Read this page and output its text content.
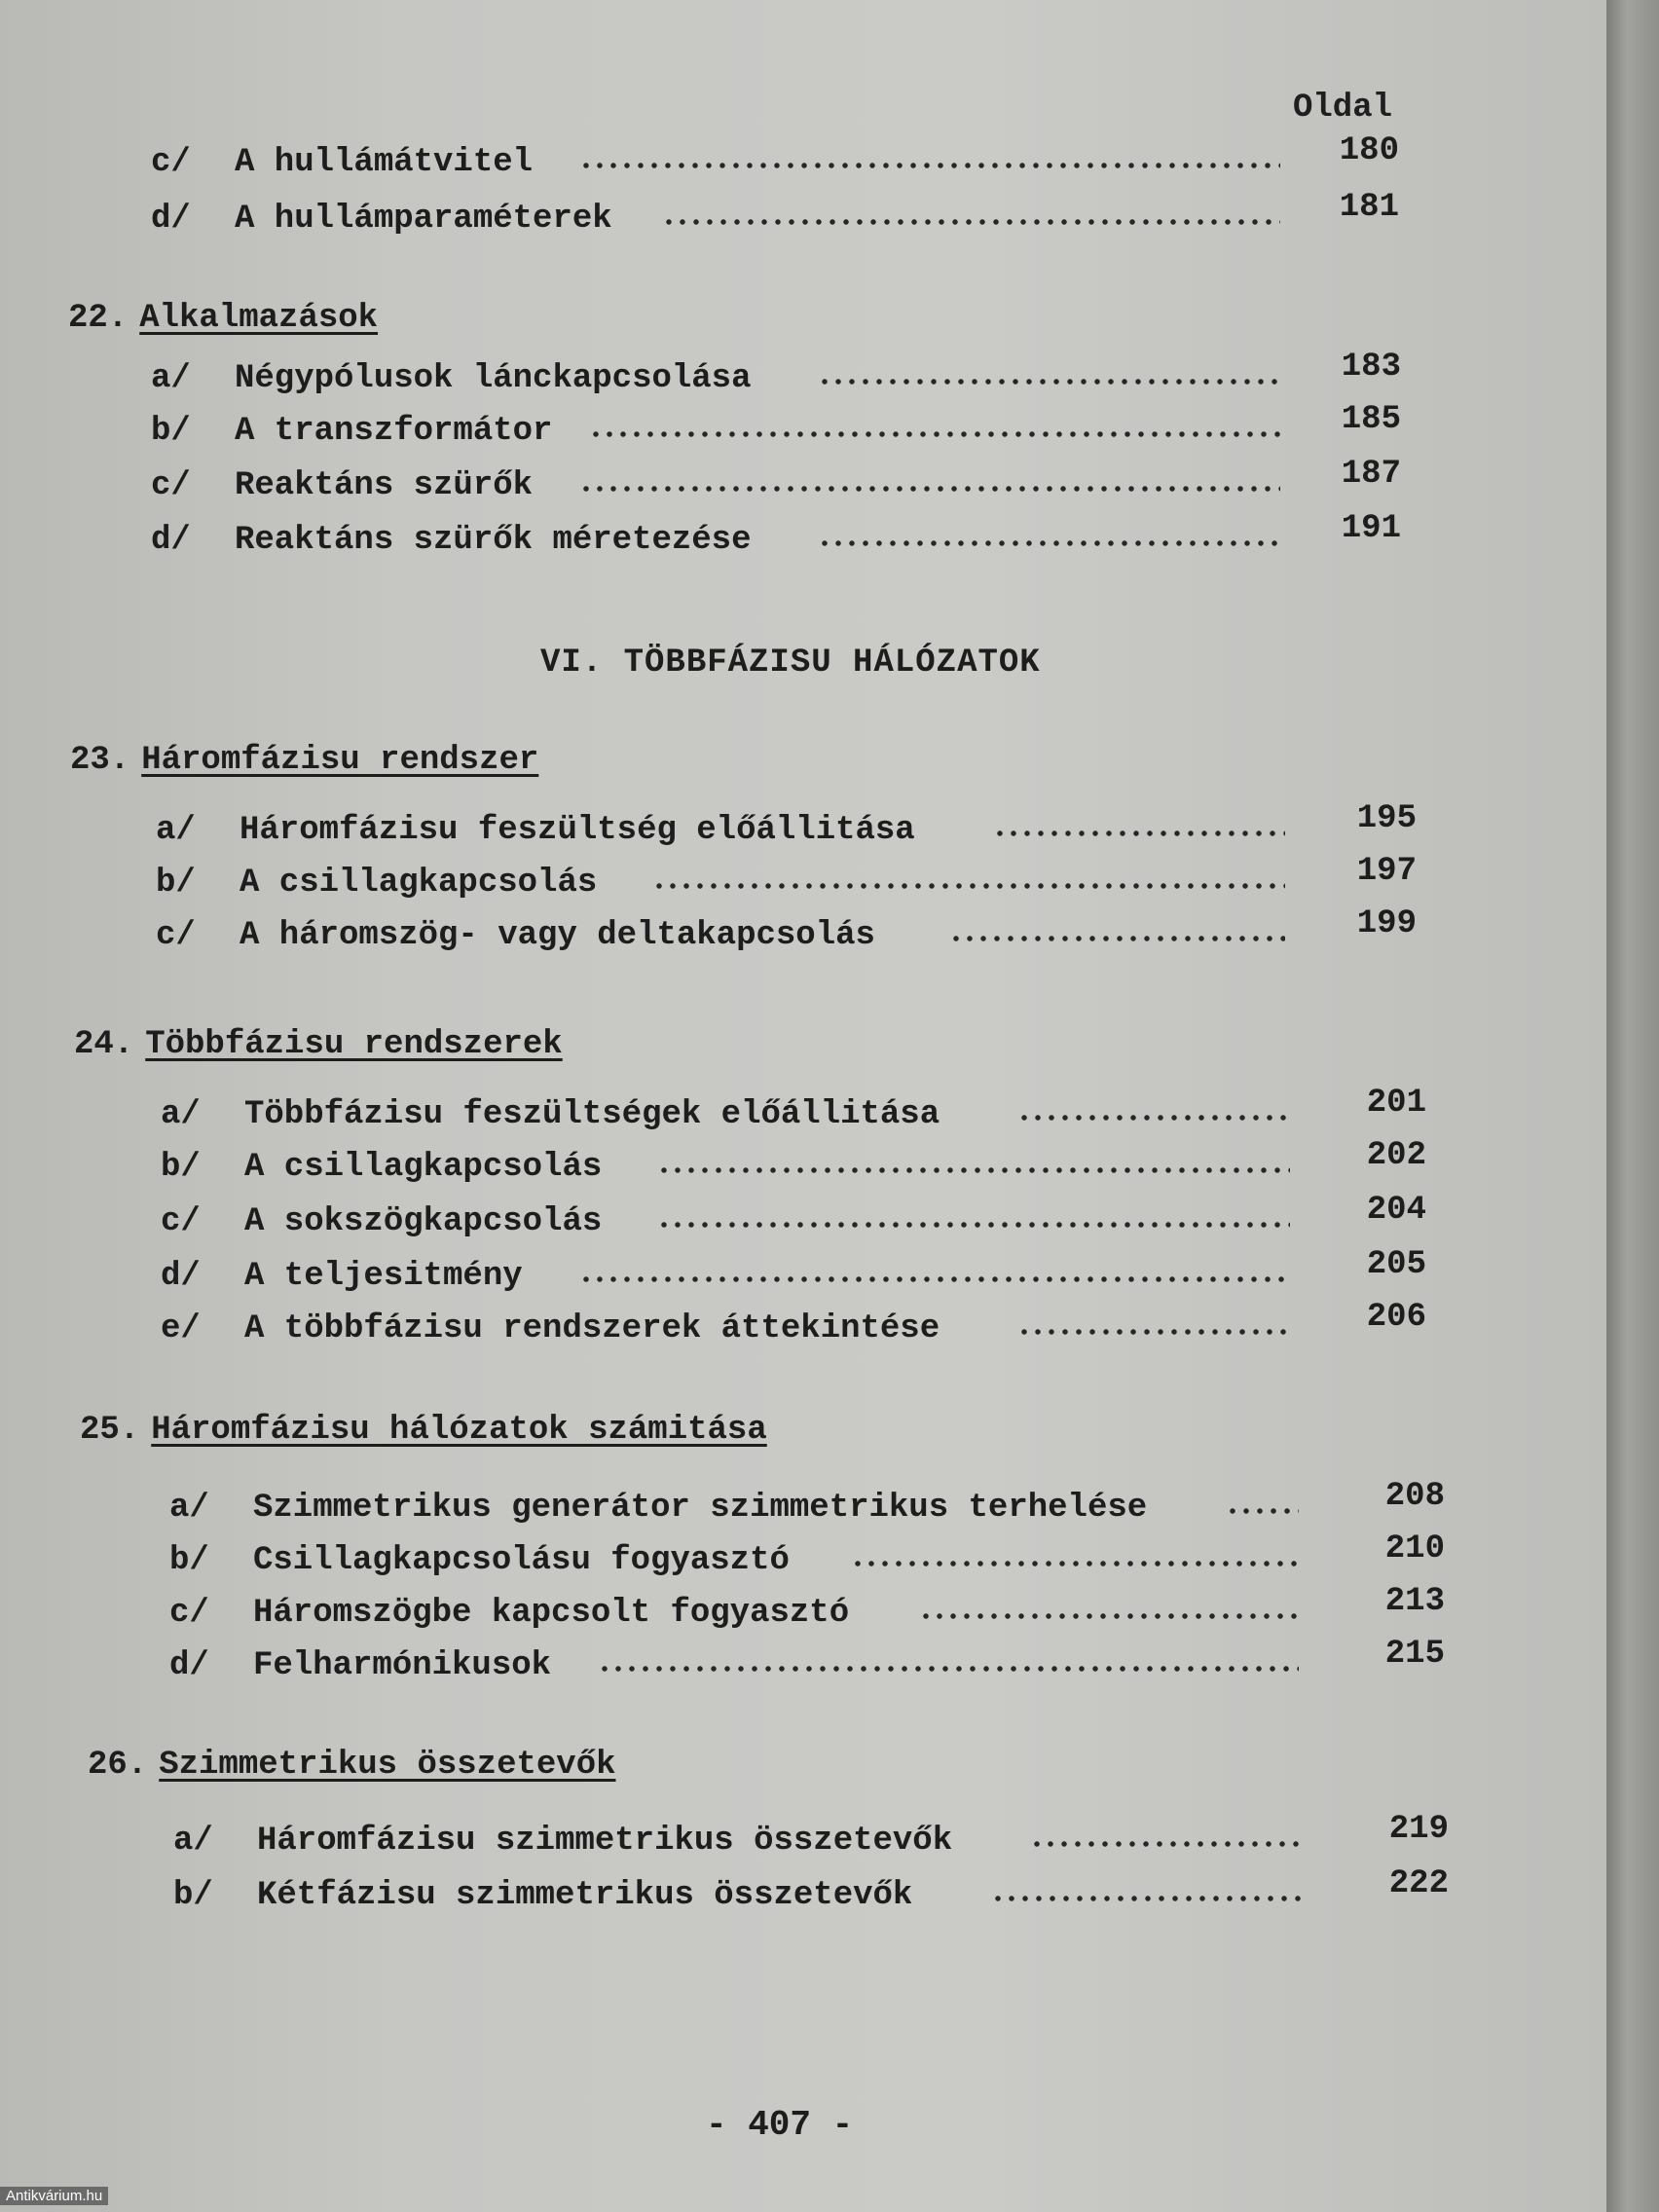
Oldal
c/ A hullámátvitel	180
d/ A hullámparaméterek	181
22. Alkalmazások
a/ Négypólusok lánckapcsolása	183
b/ A transzformátor	185
c/ Reaktáns szürők	187
d/ Reaktáns szürők méretezése	191
VI. TÖBBFÁZISU HÁLÓZATOK
23. Háromfázisu rendszer
a/ Háromfázisu feszültség előállitása	195
b/ A csillagkapcsolás	197
c/ A háromszög- vagy deltakapcsolás	199
24. Többfázisu rendszerek
a/ Többfázisu feszültségek előállitása	201
b/ A csillagkapcsolás	202
c/ A sokszögkapcsolás	204
d/ A teljesitmény	205
e/ A többfázisu rendszerek áttekintése	206
25. Háromfázisu hálózatok számitása
a/ Szimmetrikus generátor szimmetrikus terhelése	208
b/ Csillagkapcsolásu fogyasztó	210
c/ Háromszögbe kapcsolt fogyasztó	213
d/ Felharmónikusok	215
26. Szimmetrikus összetevők
a/ Háromfázisu szimmetrikus összetevők	219
b/ Kétfázisu szimmetrikus összetevők	222
- 407 -
Antikvárium.hu
